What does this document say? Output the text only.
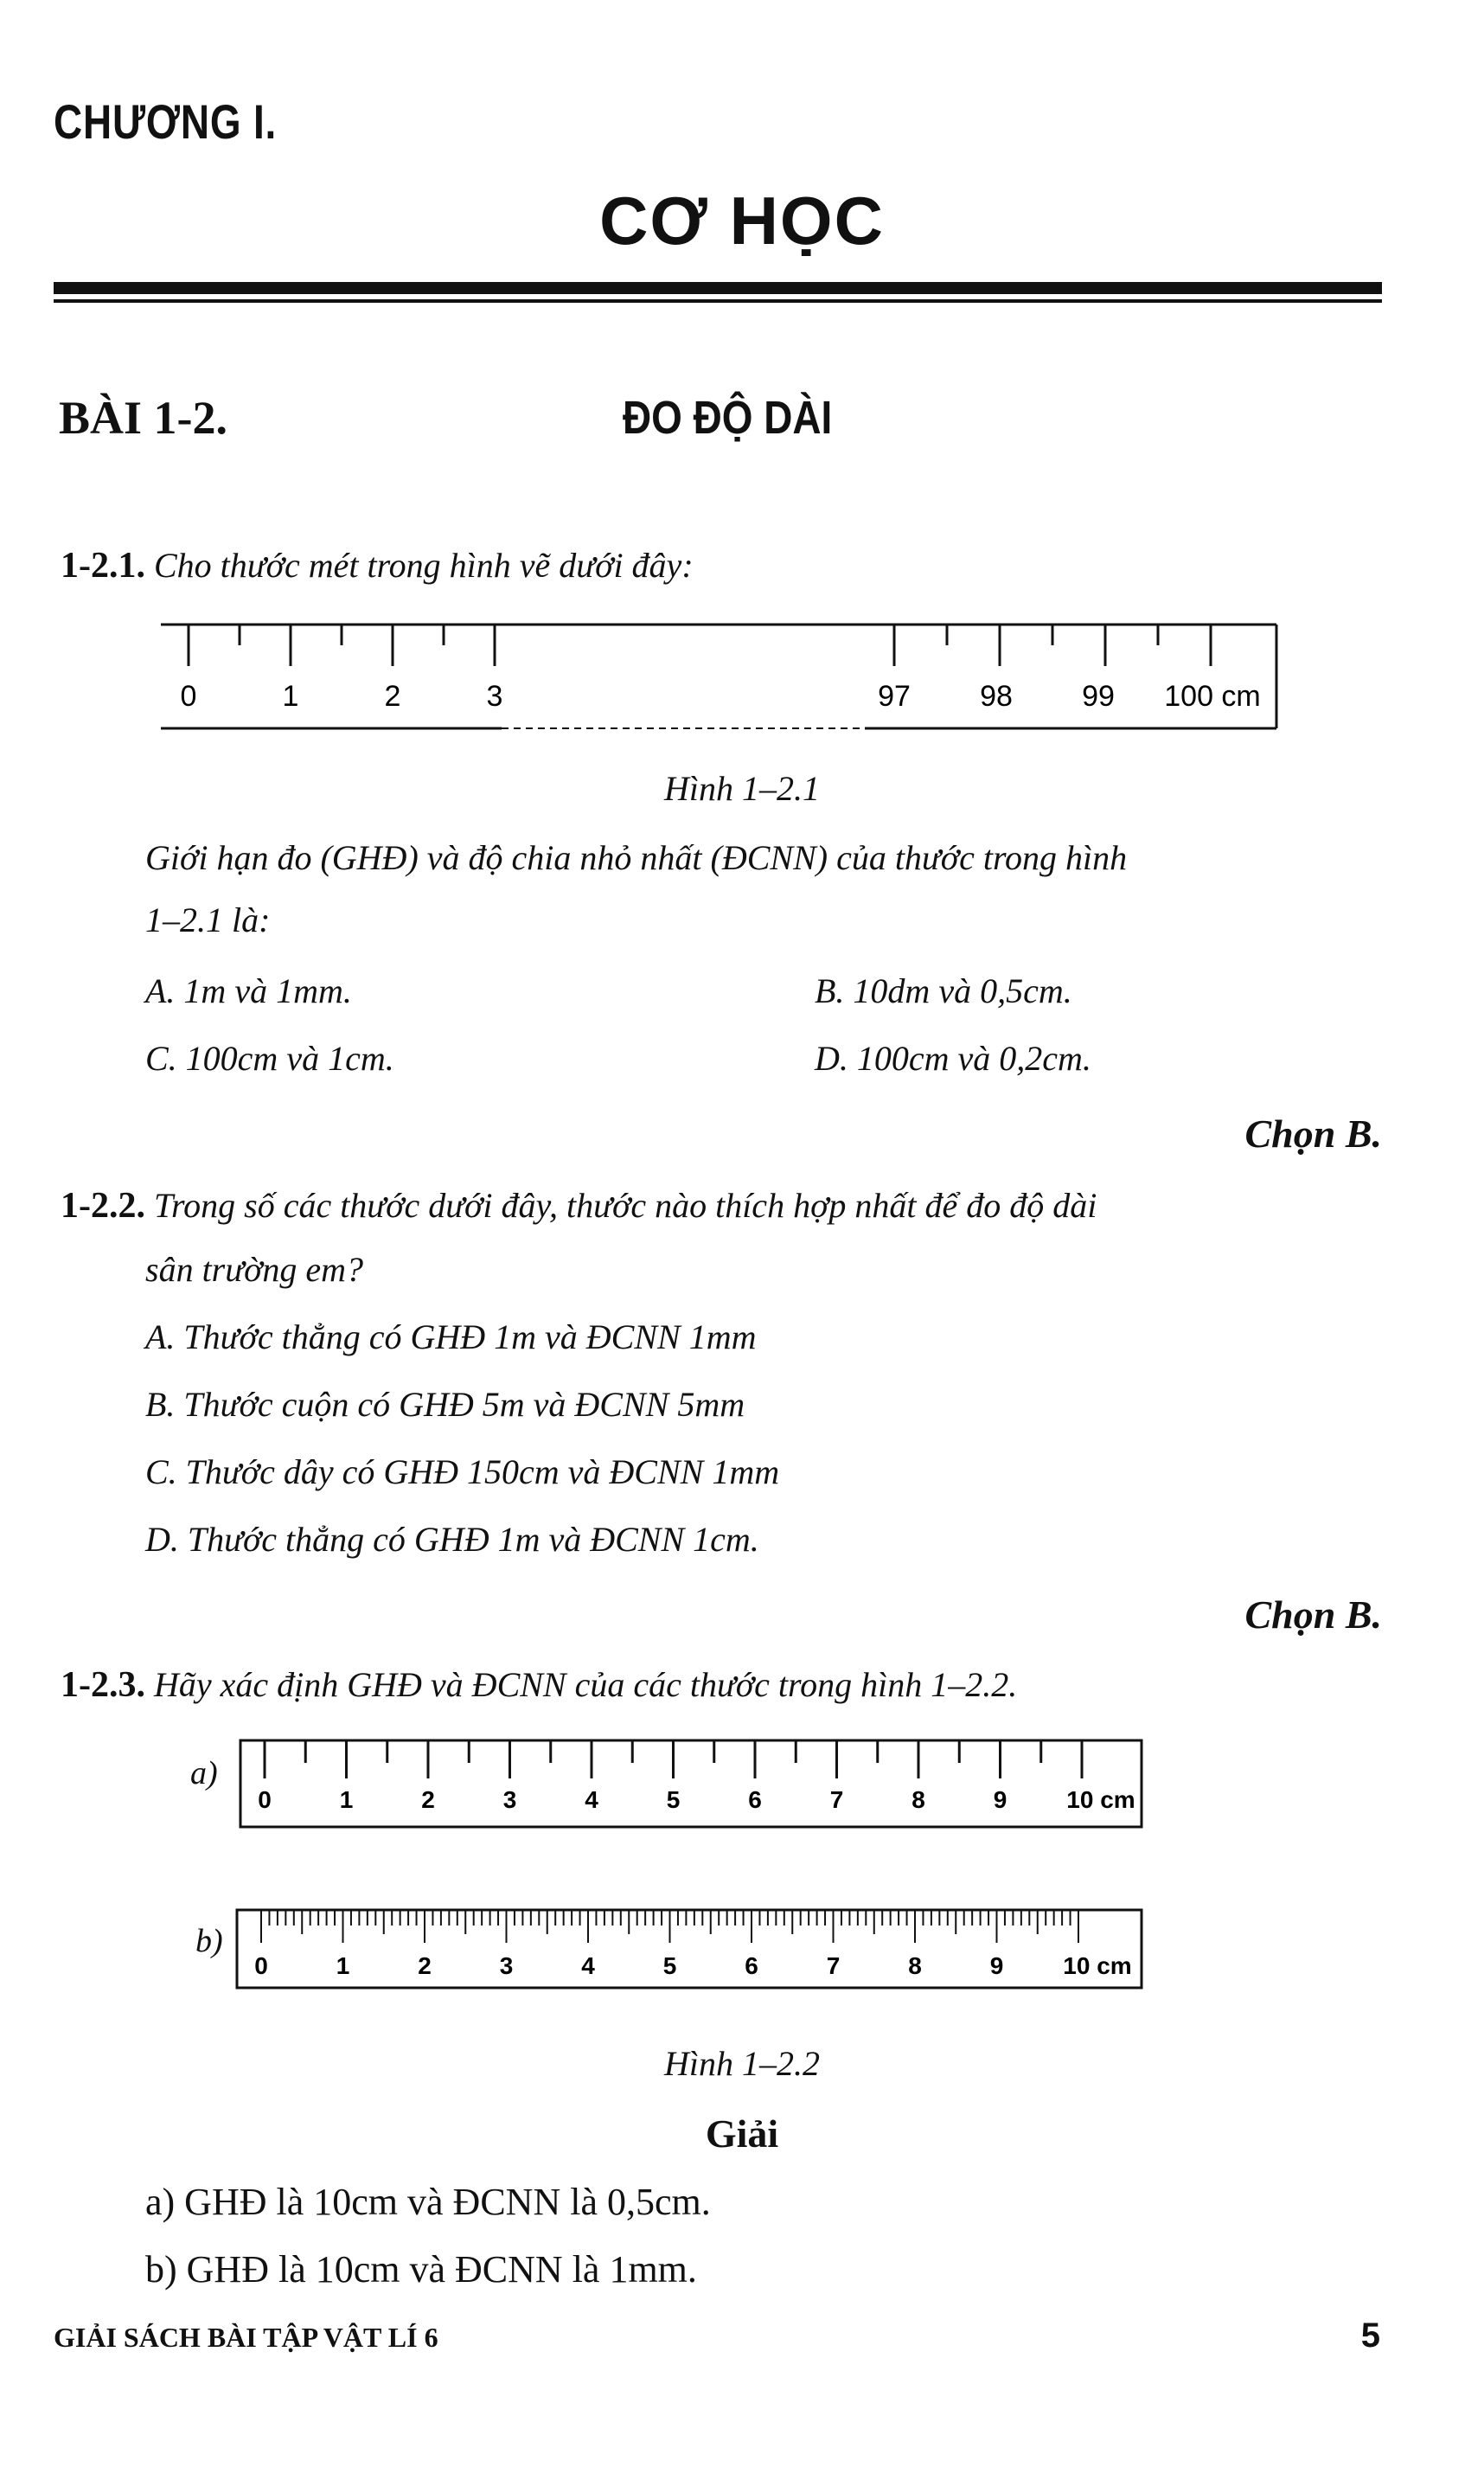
CHƯƠNG I.
CƠ HỌC
BÀI 1-2.	ĐO ĐỘ DÀI
1-2.1. Cho thước mét trong hình vẽ dưới đây:
0	1	2	3	97 98 99 100 cm
Hình 1–2.1
Giới hạn đo (GHĐ) và độ chia nhỏ nhất (ĐCNN) của thước trong hình
1–2.1 là:
A. 1m và 1mm.	B. 10dm và 0,5cm.
C. 100cm và 1cm.	D. 100cm và 0,2cm.
Chọn B.
1-2.2. Trong số các thước dưới đây, thước nào thích hợp nhất để đo độ dài
sân trường em?
A. Thước thẳng có GHĐ 1m và ĐCNN 1mm
B. Thước cuộn có GHĐ 5m và ĐCNN 5mm
C. Thước dây có GHĐ 150cm và ĐCNN 1mm
D. Thước thẳng có GHĐ 1m và ĐCNN 1cm.
Chọn B.
1-2.3. Hãy xác định GHĐ và ĐCNN của các thước trong hình 1–2.2.
a)
0	1	2	3	4	5	6	7	8	9 10 cm
b)
0	1	2	3	4	5	6	7	8	9 10 cm
Hình 1–2.2
Giải
a) GHĐ là 10cm và ĐCNN là 0,5cm.
b) GHĐ là 10cm và ĐCNN là 1mm.
GIẢI SÁCH BÀI TẬP VẬT LÍ 6	5
